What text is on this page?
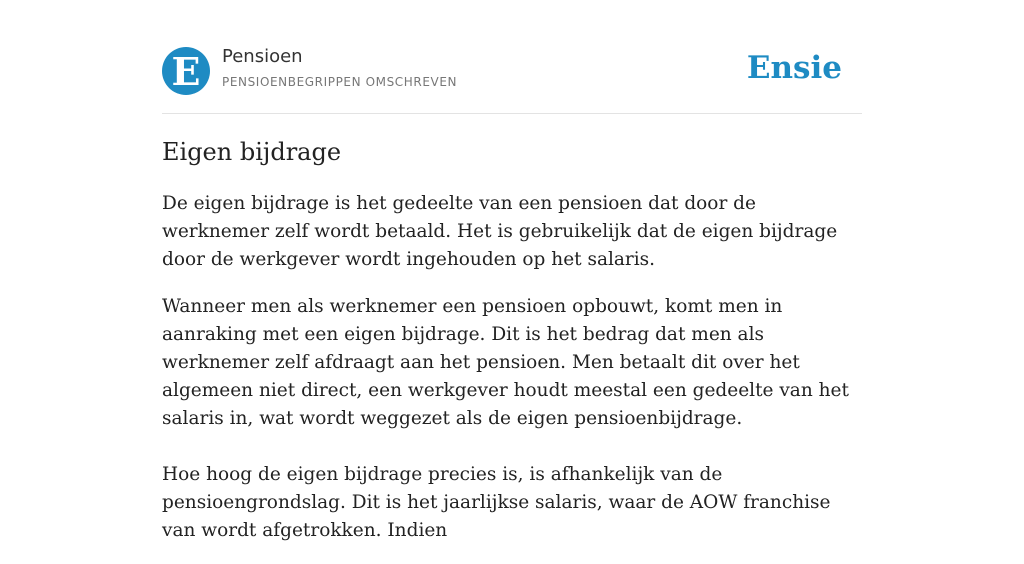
E	Pensioen
PENSIOENBEGRIPPEN OMSCHREVEN	Ensie
Eigen bijdrage

De eigen bijdrage is het gedeelte van een pensioen dat door de werknemer zelf wordt betaald. Het is gebruikelijk dat de eigen bijdrage door de werkgever wordt ingehouden op het salaris.

Wanneer men als werknemer een pensioen opbouwt, komt men in aanraking met een eigen bijdrage. Dit is het bedrag dat men als werknemer zelf afdraagt aan het pensioen. Men betaalt dit over het algemeen niet direct, een werkgever houdt meestal een gedeelte van het salaris in, wat wordt weggezet als de eigen pensioenbijdrage.

Hoe hoog de eigen bijdrage precies is, is afhankelijk van de pensioengrondslag. Dit is het jaarlijkse salaris, waar de AOW franchise van wordt afgetrokken. Indien
